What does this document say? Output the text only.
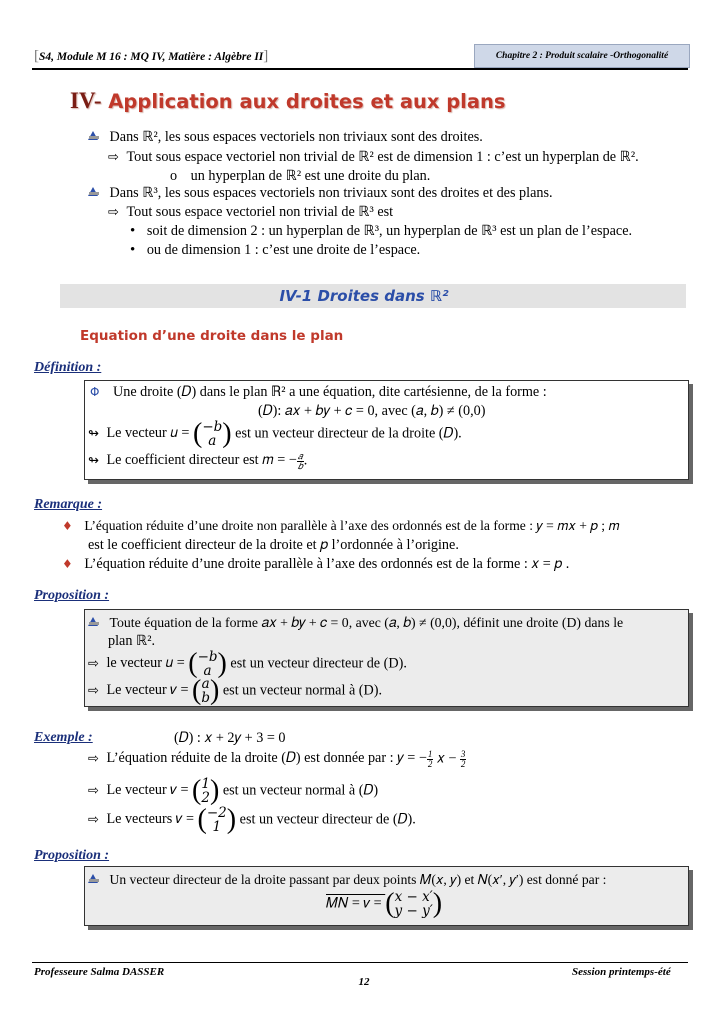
[S4, Module M 16 : MQ IV, Matière : Algèbre II]	Chapitre 2 : Produit scalaire -Orthogonalité
IV- Application aux droites et aux plans
Dans ℝ², les sous espaces vectoriels non triviaux sont des droites.
⇨ Tout sous espace vectoriel non trivial de ℝ² est de dimension 1 : c’est un hyperplan de ℝ².
o un hyperplan de ℝ² est une droite du plan.
Dans ℝ³, les sous espaces vectoriels non triviaux sont des droites et des plans.
⇨ Tout sous espace vectoriel non trivial de ℝ³ est
• soit de dimension 2 : un hyperplan de ℝ³, un hyperplan de ℝ³ est un plan de l’espace.
• ou de dimension 1 : c’est une droite de l’espace.
IV-1 Droites dans ℝ²
Equation d’une droite dans le plan
Définition :
Φ Une droite (𝐷) dans le plan ℝ² a une équation, dite cartésienne, de la forme :
(𝐷): 𝑎𝑥 + 𝑏𝑦 + 𝑐 = 0, avec (𝑎, 𝑏) ≠ (0,0)
↬ Le vecteur 𝑢 = (−𝑏
𝑎 ) est un vecteur directeur de la droite (𝐷).
↬ Le coefficient directeur est 𝑚 = $-\frac{\text{𝑎}}{\text{𝑏}}$.
Remarque :
♦ L’équation réduite d’une droite non parallèle à l’axe des ordonnés est de la forme : 𝑦 = 𝑚𝑥 + 𝑝 ; 𝑚
est le coefficient directeur de la droite et 𝑝 l’ordonnée à l’origine.
♦ L’équation réduite d’une droite parallèle à l’axe des ordonnés est de la forme : 𝑥 = 𝑝 .
Proposition :
Toute équation de la forme 𝑎𝑥 + 𝑏𝑦 + 𝑐 = 0, avec (𝑎, 𝑏) ≠ (0,0), définit une droite (D) dans le
plan ℝ².
⇨ le vecteur 𝑢 = (−𝑏
𝑎 ) est un vecteur directeur de (D).
⇨ Le vecteur 𝑣 = (𝑎
𝑏) est un vecteur normal à (D).
Exemple :	(𝐷) : 𝑥 + 2𝑦 + 3 = 0
⇨ L’équation réduite de la droite (𝐷) est donnée par : 𝑦 = $-\frac{1}{2}$ 𝑥 − $\frac{3}{2}$
⇨ Le vecteur 𝑣 = (1
2) est un vecteur normal à (𝐷)
⇨ Le vecteurs 𝑣 = (−2
1 ) est un vecteur directeur de (𝐷).
Proposition :
Un vecteur directeur de la droite passant par deux points 𝑀(𝑥, 𝑦) et 𝑁(𝑥′, 𝑦′) est donné par :
𝑀𝑁 = 𝑣 = (𝑥 − 𝑥′
𝑦 − 𝑦′)
Professeure Salma DASSER	Session printemps-été
12
